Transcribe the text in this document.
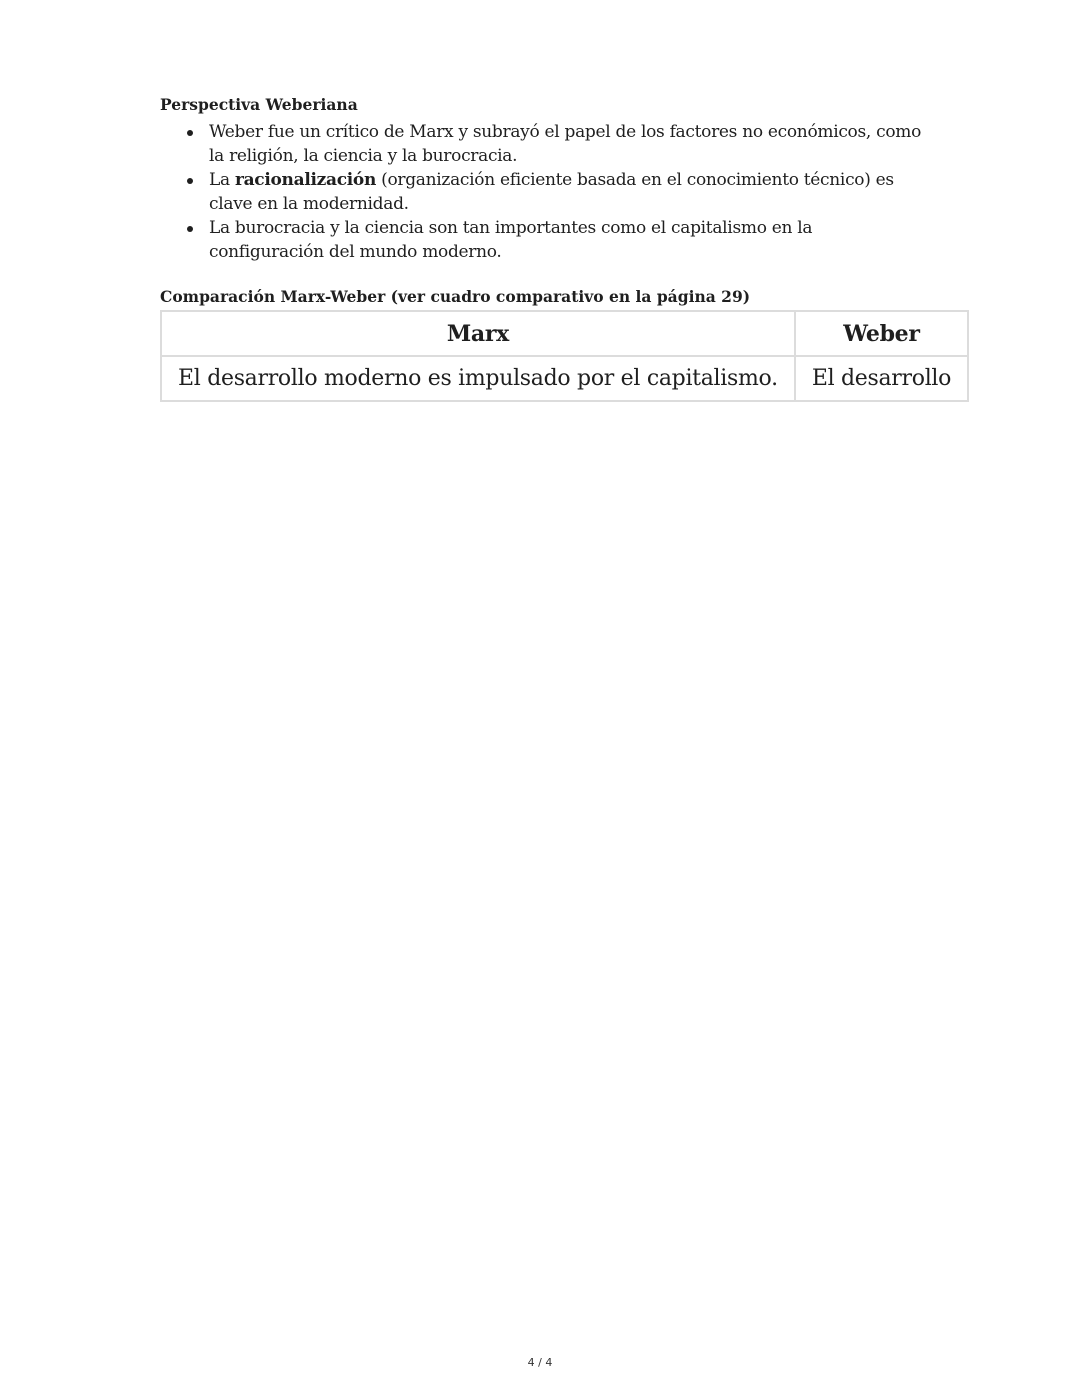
Perspectiva Weberiana

Weber fue un crítico de Marx y subrayó el papel de los factores no económicos, como la religión, la ciencia y la burocracia.
La racionalización (organización eficiente basada en el conocimiento técnico) es clave en la modernidad.
La burocracia y la ciencia son tan importantes como el capitalismo en la configuración del mundo moderno.

Comparación Marx-Weber (ver cuadro comparativo en la página 29)

Marx	Weber
El desarrollo moderno es impulsado por el capitalismo.	El desarrollo
4 / 4
